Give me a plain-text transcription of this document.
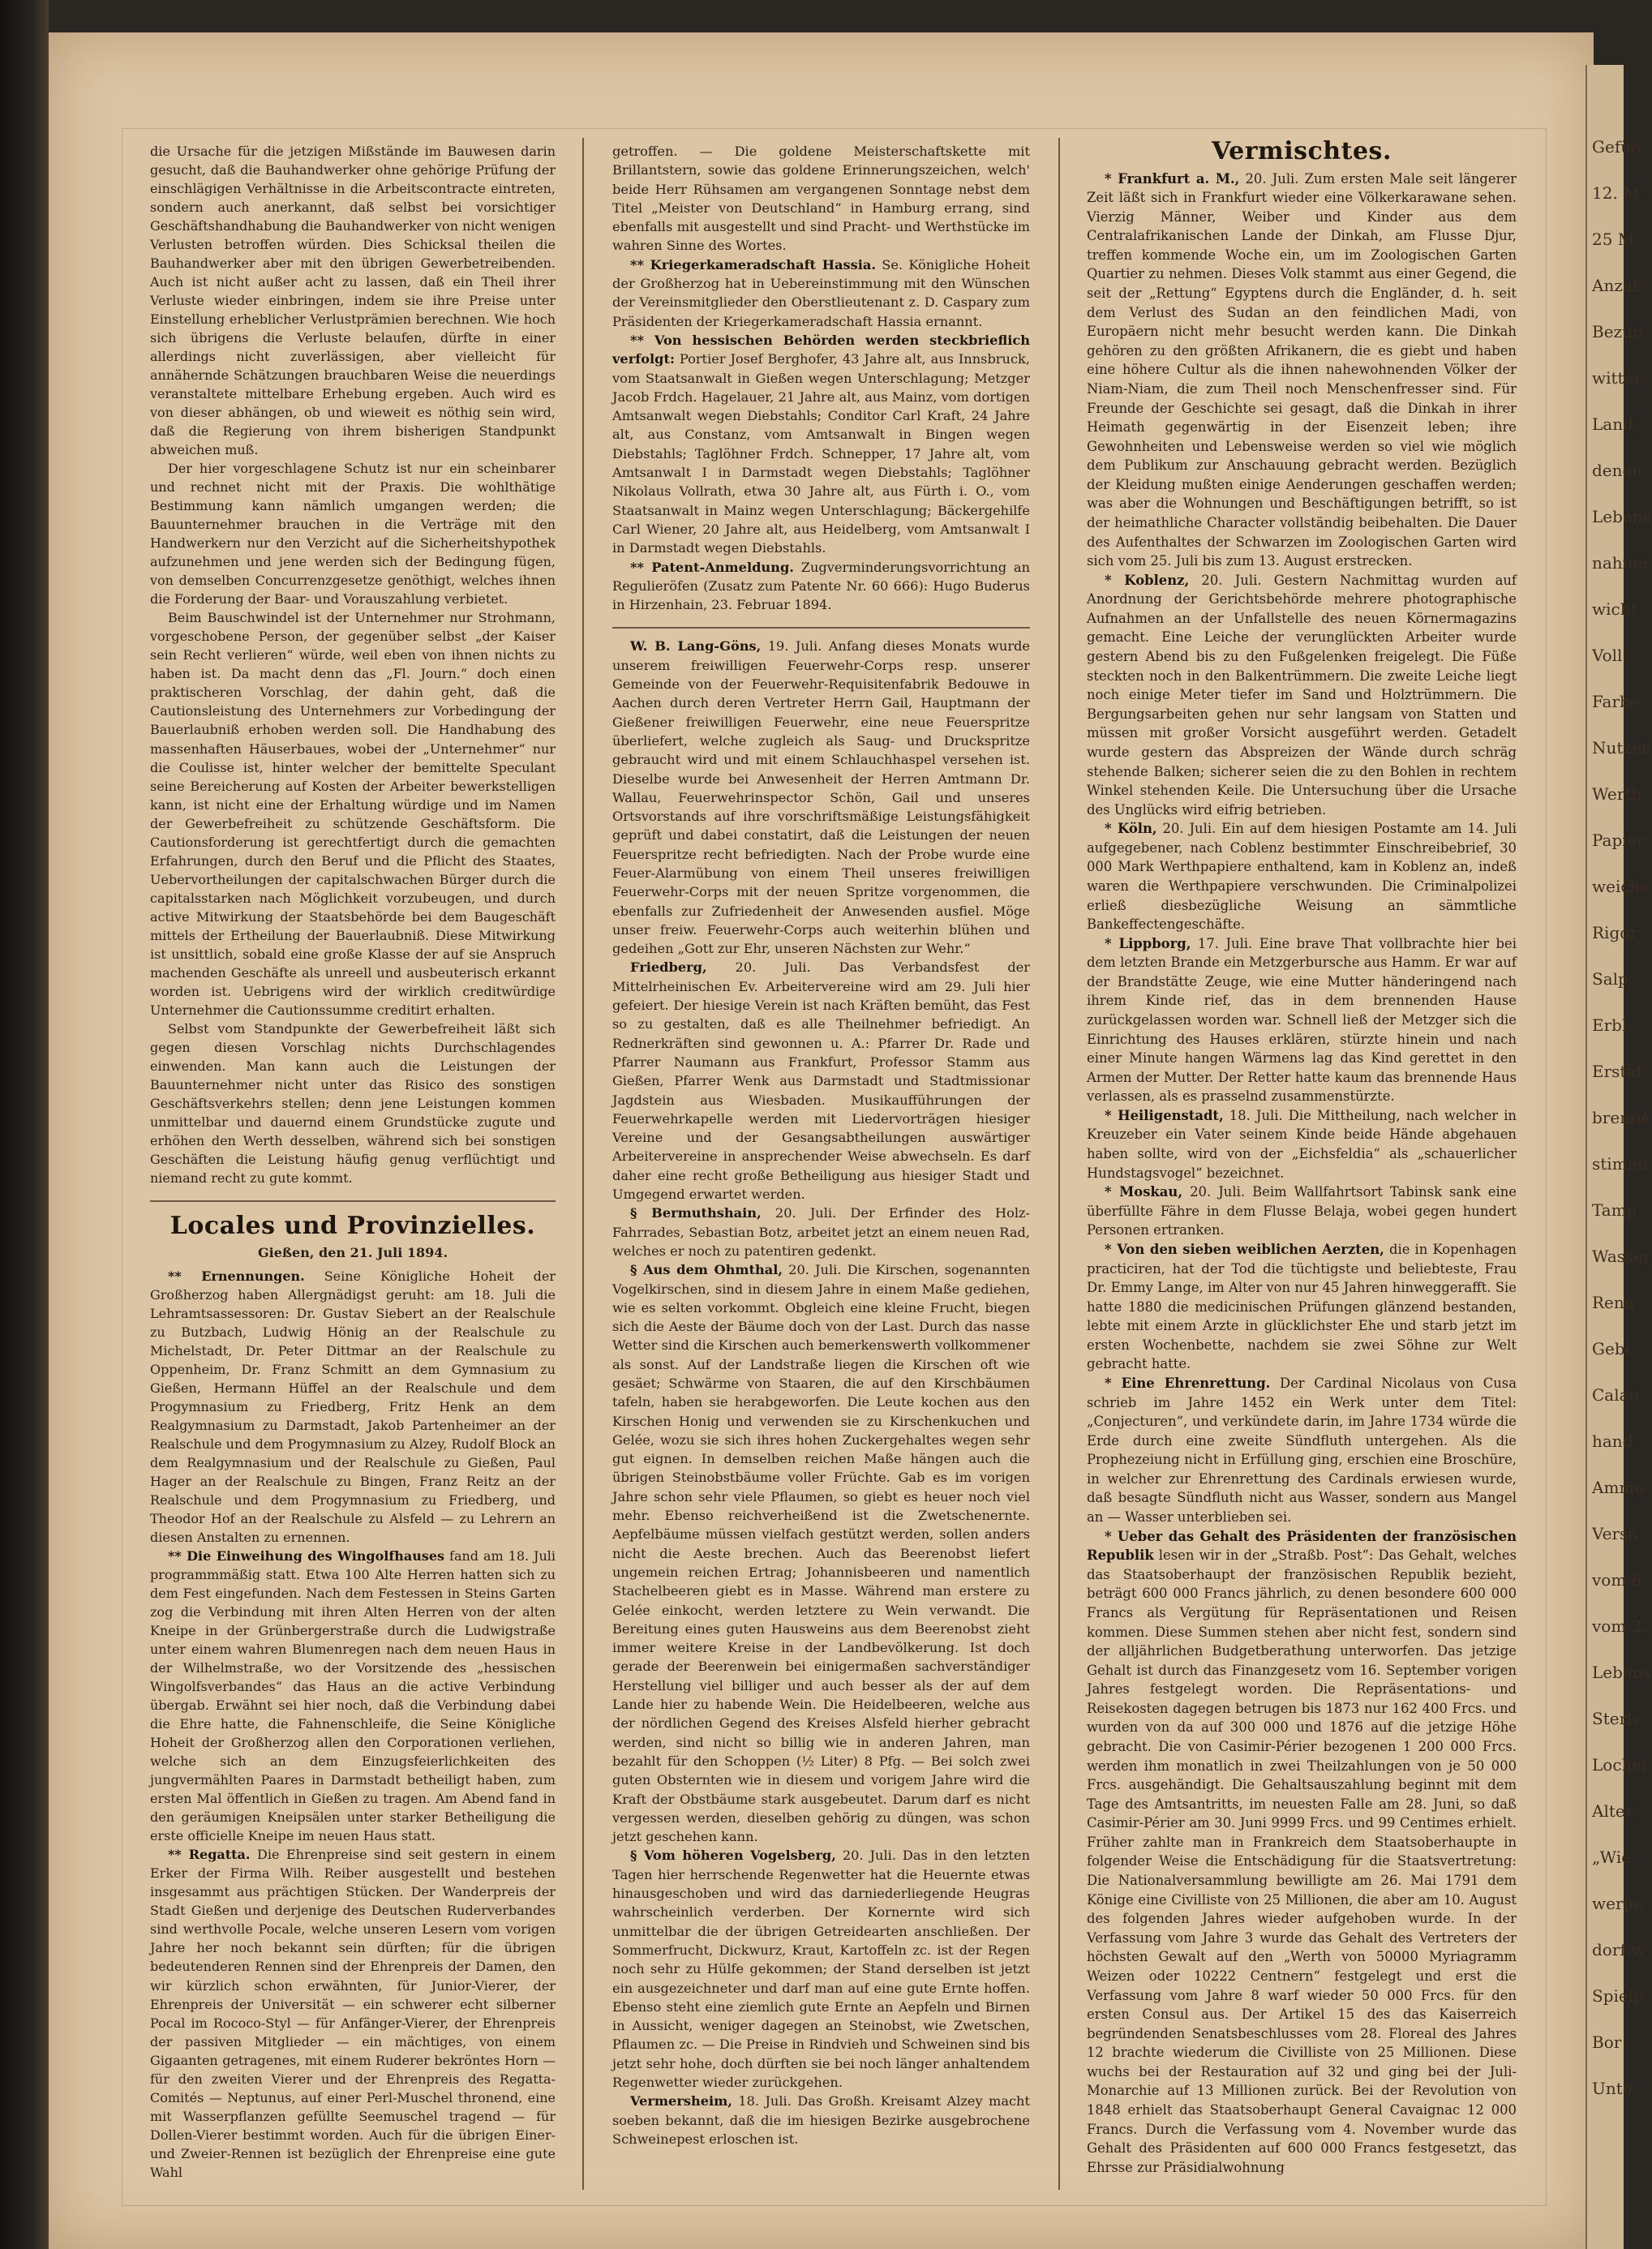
Gefün
12. M
25 M
Anzah
Bezüg
witter
Land
denen
Lebens
nahme
wicht
Voll
Farbe
Nutzen
Werth
Papier
weiche
Rigor
Salp
Erbl
Erstat
brenne
stimmt
Tamp
Wasser
Renn
Gebi
Calan
hand
Ammo
Versä
vom 6.
vom 2.
Lebens
Sterb
Locher
Alter
„Wie
werpe
dorf w
Spielp
Bor
Unte

die Ursache für die jetzigen Mißstände im Bauwesen darin gesucht, daß die Bauhandwerker ohne gehörige Prüfung der einschlägigen Verhältnisse in die Arbeitscontracte eintreten, sondern auch anerkannt, daß selbst bei vorsichtiger Geschäftshandhabung die Bauhandwerker von nicht wenigen Verlusten betroffen würden. Dies Schicksal theilen die Bauhandwerker aber mit den übrigen Gewerbetreibenden. Auch ist nicht außer acht zu lassen, daß ein Theil ihrer Verluste wieder einbringen, indem sie ihre Preise unter Einstellung erheblicher Verlustprämien berechnen. Wie hoch sich übrigens die Verluste belaufen, dürfte in einer allerdings nicht zuverlässigen, aber vielleicht für annähernde Schätzungen brauchbaren Weise die neuerdings veranstaltete mittelbare Erhebung ergeben. Auch wird es von dieser abhängen, ob und wieweit es nöthig sein wird, daß die Regierung von ihrem bisherigen Standpunkt abweichen muß.

Der hier vorgeschlagene Schutz ist nur ein scheinbarer und rechnet nicht mit der Praxis. Die wohlthätige Bestimmung kann nämlich umgangen werden; die Bauunternehmer brauchen in die Verträge mit den Handwerkern nur den Verzicht auf die Sicherheitshypothek aufzunehmen und jene werden sich der Bedingung fügen, von demselben Concurrenzgesetze genöthigt, welches ihnen die Forderung der Baar- und Vorauszahlung verbietet.

Beim Bauschwindel ist der Unternehmer nur Strohmann, vorgeschobene Person, der gegenüber selbst „der Kaiser sein Recht verlieren“ würde, weil eben von ihnen nichts zu haben ist. Da macht denn das „Fl. Journ.“ doch einen praktischeren Vorschlag, der dahin geht, daß die Cautionsleistung des Unternehmers zur Vorbedingung der Bauerlaubniß erhoben werden soll. Die Handhabung des massenhaften Häuserbaues, wobei der „Unternehmer“ nur die Coulisse ist, hinter welcher der bemittelte Speculant seine Bereicherung auf Kosten der Arbeiter bewerkstelligen kann, ist nicht eine der Erhaltung würdige und im Namen der Gewerbefreiheit zu schützende Geschäftsform. Die Cautionsforderung ist gerechtfertigt durch die gemachten Erfahrungen, durch den Beruf und die Pflicht des Staates, Uebervortheilungen der capitalschwachen Bürger durch die capitalsstarken nach Möglichkeit vorzubeugen, und durch active Mitwirkung der Staatsbehörde bei dem Baugeschäft mittels der Ertheilung der Bauerlaubniß. Diese Mitwirkung ist unsittlich, sobald eine große Klasse der auf sie Anspruch machenden Geschäfte als unreell und ausbeuterisch erkannt worden ist. Uebrigens wird der wirklich creditwürdige Unternehmer die Cautionssumme creditirt erhalten.

Selbst vom Standpunkte der Gewerbefreiheit läßt sich gegen diesen Vorschlag nichts Durchschlagendes einwenden. Man kann auch die Leistungen der Bauunternehmer nicht unter das Risico des sonstigen Geschäftsverkehrs stellen; denn jene Leistungen kommen unmittelbar und dauernd einem Grundstücke zugute und erhöhen den Werth desselben, während sich bei sonstigen Geschäften die Leistung häufig genug verflüchtigt und niemand recht zu gute kommt.

Locales und Provinzielles.
Gießen, den 21. Juli 1894.

** Ernennungen. Seine Königliche Hoheit der Großherzog haben Allergnädigst geruht: am 18. Juli die Lehramtsassessoren: Dr. Gustav Siebert an der Realschule zu Butzbach, Ludwig Hönig an der Realschule zu Michelstadt, Dr. Peter Dittmar an der Realschule zu Oppenheim, Dr. Franz Schmitt an dem Gymnasium zu Gießen, Hermann Hüffel an der Realschule und dem Progymnasium zu Friedberg, Fritz Henk an dem Realgymnasium zu Darmstadt, Jakob Partenheimer an der Realschule und dem Progymnasium zu Alzey, Rudolf Block an dem Realgymnasium und der Realschule zu Gießen, Paul Hager an der Realschule zu Bingen, Franz Reitz an der Realschule und dem Progymnasium zu Friedberg, und Theodor Hof an der Realschule zu Alsfeld — zu Lehrern an diesen Anstalten zu ernennen.

** Die Einweihung des Wingolfhauses fand am 18. Juli programmmäßig statt. Etwa 100 Alte Herren hatten sich zu dem Fest eingefunden. Nach dem Festessen in Steins Garten zog die Verbindung mit ihren Alten Herren von der alten Kneipe in der Grünbergerstraße durch die Ludwigstraße unter einem wahren Blumenregen nach dem neuen Haus in der Wilhelmstraße, wo der Vorsitzende des „hessischen Wingolfsverbandes“ das Haus an die active Verbindung übergab. Erwähnt sei hier noch, daß die Verbindung dabei die Ehre hatte, die Fahnenschleife, die Seine Königliche Hoheit der Großherzog allen den Corporationen verliehen, welche sich an dem Einzugsfeierlichkeiten des jungvermählten Paares in Darmstadt betheiligt haben, zum ersten Mal öffentlich in Gießen zu tragen. Am Abend fand in den geräumigen Kneipsälen unter starker Betheiligung die erste officielle Kneipe im neuen Haus statt.

** Regatta. Die Ehrenpreise sind seit gestern in einem Erker der Firma Wilh. Reiber ausgestellt und bestehen insgesammt aus prächtigen Stücken. Der Wanderpreis der Stadt Gießen und derjenige des Deutschen Ruderverbandes sind werthvolle Pocale, welche unseren Lesern vom vorigen Jahre her noch bekannt sein dürften; für die übrigen bedeutenderen Rennen sind der Ehrenpreis der Damen, den wir kürzlich schon erwähnten, für Junior-Vierer, der Ehrenpreis der Universität — ein schwerer echt silberner Pocal im Rococo-Styl — für Anfänger-Vierer, der Ehrenpreis der passiven Mitglieder — ein mächtiges, von einem Gigaanten getragenes, mit einem Ruderer bekröntes Horn — für den zweiten Vierer und der Ehrenpreis des Regatta-Comités — Neptunus, auf einer Perl-Muschel thronend, eine mit Wasserpflanzen gefüllte Seemuschel tragend — für Dollen-Vierer bestimmt worden. Auch für die übrigen Einer- und Zweier-Rennen ist bezüglich der Ehrenpreise eine gute Wahl

getroffen. — Die goldene Meisterschaftskette mit Brillantstern, sowie das goldene Erinnerungszeichen, welch' beide Herr Rühsamen am vergangenen Sonntage nebst dem Titel „Meister von Deutschland“ in Hamburg errang, sind ebenfalls mit ausgestellt und sind Pracht- und Werthstücke im wahren Sinne des Wortes.

** Kriegerkameradschaft Hassia. Se. Königliche Hoheit der Großherzog hat in Uebereinstimmung mit den Wünschen der Vereinsmitglieder den Oberstlieutenant z. D. Caspary zum Präsidenten der Kriegerkameradschaft Hassia ernannt.

** Von hessischen Behörden werden steckbrieflich verfolgt: Portier Josef Berghofer, 43 Jahre alt, aus Innsbruck, vom Staatsanwalt in Gießen wegen Unterschlagung; Metzger Jacob Frdch. Hagelauer, 21 Jahre alt, aus Mainz, vom dortigen Amtsanwalt wegen Diebstahls; Conditor Carl Kraft, 24 Jahre alt, aus Constanz, vom Amtsanwalt in Bingen wegen Diebstahls; Taglöhner Frdch. Schnepper, 17 Jahre alt, vom Amtsanwalt I in Darmstadt wegen Diebstahls; Taglöhner Nikolaus Vollrath, etwa 30 Jahre alt, aus Fürth i. O., vom Staatsanwalt in Mainz wegen Unterschlagung; Bäckergehilfe Carl Wiener, 20 Jahre alt, aus Heidelberg, vom Amtsanwalt I in Darmstadt wegen Diebstahls.

** Patent-Anmeldung. Zugverminderungsvorrichtung an Regulieröfen (Zusatz zum Patente Nr. 60 666): Hugo Buderus in Hirzenhain, 23. Februar 1894.

W. B. Lang-Göns, 19. Juli. Anfang dieses Monats wurde unserem freiwilligen Feuerwehr-Corps resp. unserer Gemeinde von der Feuerwehr-Requisitenfabrik Bedouwe in Aachen durch deren Vertreter Herrn Gail, Hauptmann der Gießener freiwilligen Feuerwehr, eine neue Feuerspritze überliefert, welche zugleich als Saug- und Druckspritze gebraucht wird und mit einem Schlauchhaspel versehen ist. Dieselbe wurde bei Anwesenheit der Herren Amtmann Dr. Wallau, Feuerwehrinspector Schön, Gail und unseres Ortsvorstands auf ihre vorschriftsmäßige Leistungsfähigkeit geprüft und dabei constatirt, daß die Leistungen der neuen Feuerspritze recht befriedigten. Nach der Probe wurde eine Feuer-Alarmübung von einem Theil unseres freiwilligen Feuerwehr-Corps mit der neuen Spritze vorgenommen, die ebenfalls zur Zufriedenheit der Anwesenden ausfiel. Möge unser freiw. Feuerwehr-Corps auch weiterhin blühen und gedeihen „Gott zur Ehr, unseren Nächsten zur Wehr.“

Friedberg, 20. Juli. Das Verbandsfest der Mittelrheinischen Ev. Arbeitervereine wird am 29. Juli hier gefeiert. Der hiesige Verein ist nach Kräften bemüht, das Fest so zu gestalten, daß es alle Theilnehmer befriedigt. An Rednerkräften sind gewonnen u. A.: Pfarrer Dr. Rade und Pfarrer Naumann aus Frankfurt, Professor Stamm aus Gießen, Pfarrer Wenk aus Darmstadt und Stadtmissionar Jagdstein aus Wiesbaden. Musikaufführungen der Feuerwehrkapelle werden mit Liedervorträgen hiesiger Vereine und der Gesangsabtheilungen auswärtiger Arbeitervereine in ansprechender Weise abwechseln. Es darf daher eine recht große Betheiligung aus hiesiger Stadt und Umgegend erwartet werden.

§ Bermuthshain, 20. Juli. Der Erfinder des Holz-Fahrrades, Sebastian Botz, arbeitet jetzt an einem neuen Rad, welches er noch zu patentiren gedenkt.

§ Aus dem Ohmthal, 20. Juli. Die Kirschen, sogenannten Vogelkirschen, sind in diesem Jahre in einem Maße gediehen, wie es selten vorkommt. Obgleich eine kleine Frucht, biegen sich die Aeste der Bäume doch von der Last. Durch das nasse Wetter sind die Kirschen auch bemerkenswerth vollkommener als sonst. Auf der Landstraße liegen die Kirschen oft wie gesäet; Schwärme von Staaren, die auf den Kirschbäumen tafeln, haben sie herabgeworfen. Die Leute kochen aus den Kirschen Honig und verwenden sie zu Kirschenkuchen und Gelée, wozu sie sich ihres hohen Zuckergehaltes wegen sehr gut eignen. In demselben reichen Maße hängen auch die übrigen Steinobstbäume voller Früchte. Gab es im vorigen Jahre schon sehr viele Pflaumen, so giebt es heuer noch viel mehr. Ebenso reichverheißend ist die Zwetschenernte. Aepfelbäume müssen vielfach gestützt werden, sollen anders nicht die Aeste brechen. Auch das Beerenobst liefert ungemein reichen Ertrag; Johannisbeeren und namentlich Stachelbeeren giebt es in Masse. Während man erstere zu Gelée einkocht, werden letztere zu Wein verwandt. Die Bereitung eines guten Hausweins aus dem Beerenobst zieht immer weitere Kreise in der Landbevölkerung. Ist doch gerade der Beerenwein bei einigermaßen sachverständiger Herstellung viel billiger und auch besser als der auf dem Lande hier zu habende Wein. Die Heidelbeeren, welche aus der nördlichen Gegend des Kreises Alsfeld hierher gebracht werden, sind nicht so billig wie in anderen Jahren, man bezahlt für den Schoppen (½ Liter) 8 Pfg. — Bei solch zwei guten Obsternten wie in diesem und vorigem Jahre wird die Kraft der Obstbäume stark ausgebeutet. Darum darf es nicht vergessen werden, dieselben gehörig zu düngen, was schon jetzt geschehen kann.

§ Vom höheren Vogelsberg, 20. Juli. Das in den letzten Tagen hier herrschende Regenwetter hat die Heuernte etwas hinausgeschoben und wird das darniederliegende Heugras wahrscheinlich verderben. Der Kornernte wird sich unmittelbar die der übrigen Getreidearten anschließen. Der Sommerfrucht, Dickwurz, Kraut, Kartoffeln zc. ist der Regen noch sehr zu Hülfe gekommen; der Stand derselben ist jetzt ein ausgezeichneter und darf man auf eine gute Ernte hoffen. Ebenso steht eine ziemlich gute Ernte an Aepfeln und Birnen in Aussicht, weniger dagegen an Steinobst, wie Zwetschen, Pflaumen zc. — Die Preise in Rindvieh und Schweinen sind bis jetzt sehr hohe, doch dürften sie bei noch länger anhaltendem Regenwetter wieder zurückgehen.

Vermersheim, 18. Juli. Das Großh. Kreisamt Alzey macht soeben bekannt, daß die im hiesigen Bezirke ausgebrochene Schweinepest erloschen ist.

Vermischtes.

* Frankfurt a. M., 20. Juli. Zum ersten Male seit längerer Zeit läßt sich in Frankfurt wieder eine Völkerkarawane sehen. Vierzig Männer, Weiber und Kinder aus dem Centralafrikanischen Lande der Dinkah, am Flusse Djur, treffen kommende Woche ein, um im Zoologischen Garten Quartier zu nehmen. Dieses Volk stammt aus einer Gegend, die seit der „Rettung“ Egyptens durch die Engländer, d. h. seit dem Verlust des Sudan an den feindlichen Madi, von Europäern nicht mehr besucht werden kann. Die Dinkah gehören zu den größten Afrikanern, die es giebt und haben eine höhere Cultur als die ihnen nahewohnenden Völker der Niam-Niam, die zum Theil noch Menschenfresser sind. Für Freunde der Geschichte sei gesagt, daß die Dinkah in ihrer Heimath gegenwärtig in der Eisenzeit leben; ihre Gewohnheiten und Lebensweise werden so viel wie möglich dem Publikum zur Anschauung gebracht werden. Bezüglich der Kleidung mußten einige Aenderungen geschaffen werden; was aber die Wohnungen und Beschäftigungen betrifft, so ist der heimathliche Character vollständig beibehalten. Die Dauer des Aufenthaltes der Schwarzen im Zoologischen Garten wird sich vom 25. Juli bis zum 13. August erstrecken.

* Koblenz, 20. Juli. Gestern Nachmittag wurden auf Anordnung der Gerichtsbehörde mehrere photographische Aufnahmen an der Unfallstelle des neuen Körnermagazins gemacht. Eine Leiche der verunglückten Arbeiter wurde gestern Abend bis zu den Fußgelenken freigelegt. Die Füße steckten noch in den Balkentrümmern. Die zweite Leiche liegt noch einige Meter tiefer im Sand und Holztrümmern. Die Bergungsarbeiten gehen nur sehr langsam von Statten und müssen mit großer Vorsicht ausgeführt werden. Getadelt wurde gestern das Abspreizen der Wände durch schräg stehende Balken; sicherer seien die zu den Bohlen in rechtem Winkel stehenden Keile. Die Untersuchung über die Ursache des Unglücks wird eifrig betrieben.

* Köln, 20. Juli. Ein auf dem hiesigen Postamte am 14. Juli aufgegebener, nach Coblenz bestimmter Einschreibebrief, 30 000 Mark Werthpapiere enthaltend, kam in Koblenz an, indeß waren die Werthpapiere verschwunden. Die Criminalpolizei erließ diesbezügliche Weisung an sämmtliche Bankeffectengeschäfte.

* Lippborg, 17. Juli. Eine brave That vollbrachte hier bei dem letzten Brande ein Metzgerbursche aus Hamm. Er war auf der Brandstätte Zeuge, wie eine Mutter händeringend nach ihrem Kinde rief, das in dem brennenden Hause zurückgelassen worden war. Schnell ließ der Metzger sich die Einrichtung des Hauses erklären, stürzte hinein und nach einer Minute hangen Wärmens lag das Kind gerettet in den Armen der Mutter. Der Retter hatte kaum das brennende Haus verlassen, als es prasselnd zusammenstürzte.

* Heiligenstadt, 18. Juli. Die Mittheilung, nach welcher in Kreuzeber ein Vater seinem Kinde beide Hände abgehauen haben sollte, wird von der „Eichsfeldia“ als „schauerlicher Hundstagsvogel“ bezeichnet.

* Moskau, 20. Juli. Beim Wallfahrtsort Tabinsk sank eine überfüllte Fähre in dem Flusse Belaja, wobei gegen hundert Personen ertranken.

* Von den sieben weiblichen Aerzten, die in Kopenhagen practiciren, hat der Tod die tüchtigste und beliebteste, Frau Dr. Emmy Lange, im Alter von nur 45 Jahren hinweggerafft. Sie hatte 1880 die medicinischen Prüfungen glänzend bestanden, lebte mit einem Arzte in glücklichster Ehe und starb jetzt im ersten Wochenbette, nachdem sie zwei Söhne zur Welt gebracht hatte.

* Eine Ehrenrettung. Der Cardinal Nicolaus von Cusa schrieb im Jahre 1452 ein Werk unter dem Titel: „Conjecturen“, und verkündete darin, im Jahre 1734 würde die Erde durch eine zweite Sündfluth untergehen. Als die Prophezeiung nicht in Erfüllung ging, erschien eine Broschüre, in welcher zur Ehrenrettung des Cardinals erwiesen wurde, daß besagte Sündfluth nicht aus Wasser, sondern aus Mangel an — Wasser unterblieben sei.

* Ueber das Gehalt des Präsidenten der französischen Republik lesen wir in der „Straßb. Post“: Das Gehalt, welches das Staatsoberhaupt der französischen Republik bezieht, beträgt 600 000 Francs jährlich, zu denen besondere 600 000 Francs als Vergütung für Repräsentationen und Reisen kommen. Diese Summen stehen aber nicht fest, sondern sind der alljährlichen Budgetberathung unterworfen. Das jetzige Gehalt ist durch das Finanzgesetz vom 16. September vorigen Jahres festgelegt worden. Die Repräsentations- und Reisekosten dagegen betrugen bis 1873 nur 162 400 Frcs. und wurden von da auf 300 000 und 1876 auf die jetzige Höhe gebracht. Die von Casimir-Périer bezogenen 1 200 000 Frcs. werden ihm monatlich in zwei Theilzahlungen von je 50 000 Frcs. ausgehändigt. Die Gehaltsauszahlung beginnt mit dem Tage des Amtsantritts, im neuesten Falle am 28. Juni, so daß Casimir-Périer am 30. Juni 9999 Frcs. und 99 Centimes erhielt. Früher zahlte man in Frankreich dem Staatsoberhaupte in folgender Weise die Entschädigung für die Staatsvertretung: Die Nationalversammlung bewilligte am 26. Mai 1791 dem Könige eine Civilliste von 25 Millionen, die aber am 10. August des folgenden Jahres wieder aufgehoben wurde. In der Verfassung vom Jahre 3 wurde das Gehalt des Vertreters der höchsten Gewalt auf den „Werth von 50000 Myriagramm Weizen oder 10222 Centnern“ festgelegt und erst die Verfassung vom Jahre 8 warf wieder 50 000 Frcs. für den ersten Consul aus. Der Artikel 15 des das Kaiserreich begründenden Senatsbeschlusses vom 28. Floreal des Jahres 12 brachte wiederum die Civilliste von 25 Millionen. Diese wuchs bei der Restauration auf 32 und ging bei der Juli-Monarchie auf 13 Millionen zurück. Bei der Revolution von 1848 erhielt das Staatsoberhaupt General Cavaignac 12 000 Francs. Durch die Verfassung vom 4. November wurde das Gehalt des Präsidenten auf 600 000 Francs festgesetzt, das Ehrsse zur Präsidialwohnung
